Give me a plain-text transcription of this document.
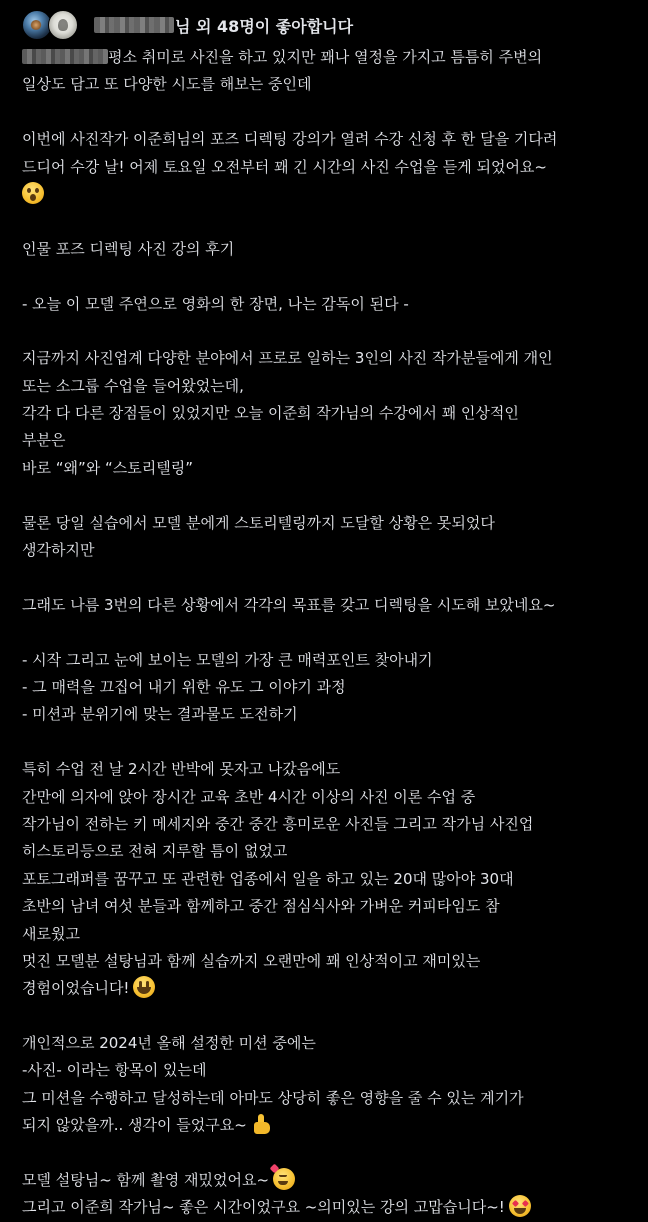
님 외 48명이 좋아합니다
평소 취미로 사진을 하고 있지만 꽤나 열정을 가지고 틈틈히 주변의
일상도 담고 또 다양한 시도를 해보는 중인데
이번에 사진작가 이준희님의 포즈 디렉팅 강의가 열려 수강 신청 후 한 달을 기다려
드디어 수강 날! 어제 토요일 오전부터 꽤 긴 시간의 사진 수업을 듣게 되었어요~
인물 포즈 디렉팅 사진 강의 후기
- 오늘 이 모델 주연으로 영화의 한 장면, 나는 감독이 된다 -
지금까지 사진업계 다양한 분야에서 프로로 일하는 3인의 사진 작가분들에게 개인
또는 소그룹 수업을 들어왔었는데,
각각 다 다른 장점들이 있었지만 오늘 이준희 작가님의 수강에서 꽤 인상적인
부분은
바로 “왜”와 “스토리텔링”
물론 당일 실습에서 모델 분에게 스토리텔링까지 도달할 상황은 못되었다
생각하지만
그래도 나름 3번의 다른 상황에서 각각의 목표를 갖고 디렉팅을 시도해 보았네요~
- 시작 그리고 눈에 보이는 모델의 가장 큰 매력포인트 찾아내기
- 그 매력을 끄집어 내기 위한 유도 그 이야기 과정
- 미션과 분위기에 맞는 결과물도 도전하기
특히 수업 전 날 2시간 반박에 못자고 나갔음에도
간만에 의자에 앉아 장시간 교육 초반 4시간 이상의 사진 이론 수업 중
작가님이 전하는 키 메세지와 중간 중간 흥미로운 사진들 그리고 작가님 사진업
히스토리등으로 전혀 지루할 틈이 없었고
포토그래퍼를 꿈꾸고 또 관련한 업종에서 일을 하고 있는 20대 많아야 30대
초반의 남녀 여섯 분들과 함께하고 중간 점심식사와 가벼운 커피타임도 참
새로웠고
멋진 모델분 설탕님과 함께 실습까지 오랜만에 꽤 인상적이고 재미있는
경험이었습니다!
개인적으로 2024년 올해 설정한 미션 중에는
-사진- 이라는 항목이 있는데
그 미션을 수행하고 달성하는데 아마도 상당히 좋은 영향을 줄 수 있는 계기가
되지 않았을까.. 생각이 들었구요~
모델 설탕님~ 함께 촬영 재밌었어요~
그리고 이준희 작가님~ 좋은 시간이었구요 ~의미있는 강의 고맙습니다~!
